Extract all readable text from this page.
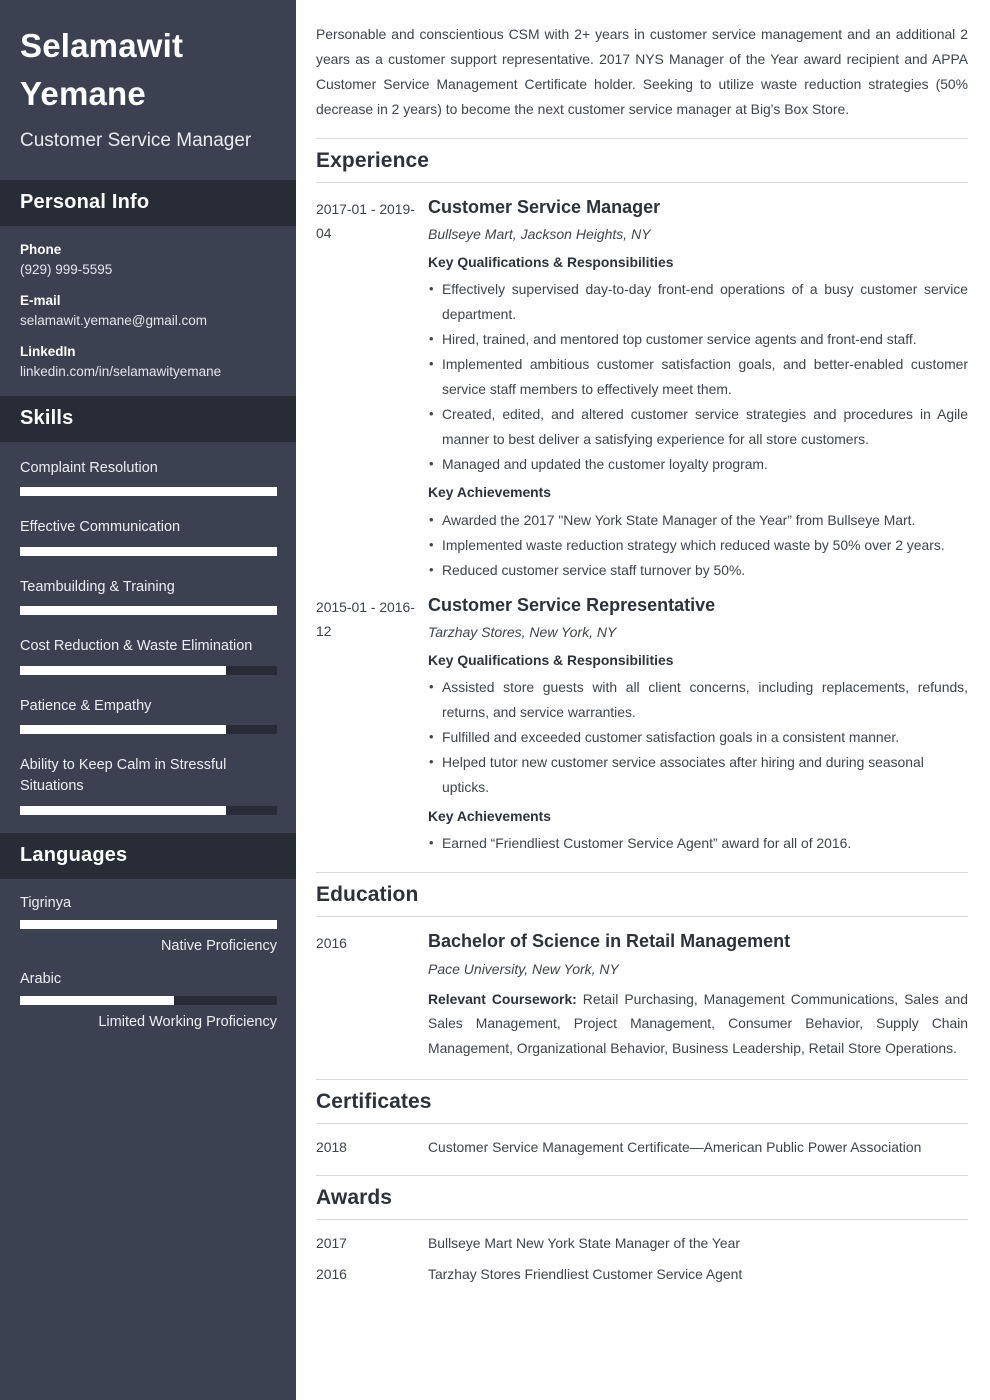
Selamawit Yemane
Customer Service Manager
Personal Info
Phone
(929) 999-5595
E-mail
selamawit.yemane@gmail.com
LinkedIn
linkedin.com/in/selamawityemane
Skills
Complaint Resolution
Effective Communication
Teambuilding & Training
Cost Reduction & Waste Elimination
Patience & Empathy
Ability to Keep Calm in Stressful Situations
Languages
Tigrinya
Native Proficiency
Arabic
Limited Working Proficiency

Personable and conscientious CSM with 2+ years in customer service management and an additional 2 years as a customer support representative. 2017 NYS Manager of the Year award recipient and APPA Customer Service Management Certificate holder. Seeking to utilize waste reduction strategies (50% decrease in 2 years) to become the next customer service manager at Big's Box Store.

Experience
2017-01 - 2019-04
Customer Service Manager
Bullseye Mart, Jackson Heights, NY
Key Qualifications & Responsibilities
• Effectively supervised day-to-day front-end operations of a busy customer service department.
• Hired, trained, and mentored top customer service agents and front-end staff.
• Implemented ambitious customer satisfaction goals, and better-enabled customer service staff members to effectively meet them.
• Created, edited, and altered customer service strategies and procedures in Agile manner to best deliver a satisfying experience for all store customers.
• Managed and updated the customer loyalty program.
Key Achievements
• Awarded the 2017 "New York State Manager of the Year” from Bullseye Mart.
• Implemented waste reduction strategy which reduced waste by 50% over 2 years.
• Reduced customer service staff turnover by 50%.
2015-01 - 2016-12
Customer Service Representative
Tarzhay Stores, New York, NY
Key Qualifications & Responsibilities
• Assisted store guests with all client concerns, including replacements, refunds, returns, and service warranties.
• Fulfilled and exceeded customer satisfaction goals in a consistent manner.
• Helped tutor new customer service associates after hiring and during seasonal upticks.
Key Achievements
• Earned “Friendliest Customer Service Agent” award for all of 2016.
Education
2016	Bachelor of Science in Retail Management
Pace University, New York, NY

Relevant Coursework: Retail Purchasing, Management Communications, Sales and Sales Management, Project Management, Consumer Behavior, Supply Chain Management, Organizational Behavior, Business Leadership, Retail Store Operations.

Certificates
2018	Customer Service Management Certificate—American Public Power Association
Awards
2017	Bullseye Mart New York State Manager of the Year
2016	Tarzhay Stores Friendliest Customer Service Agent
